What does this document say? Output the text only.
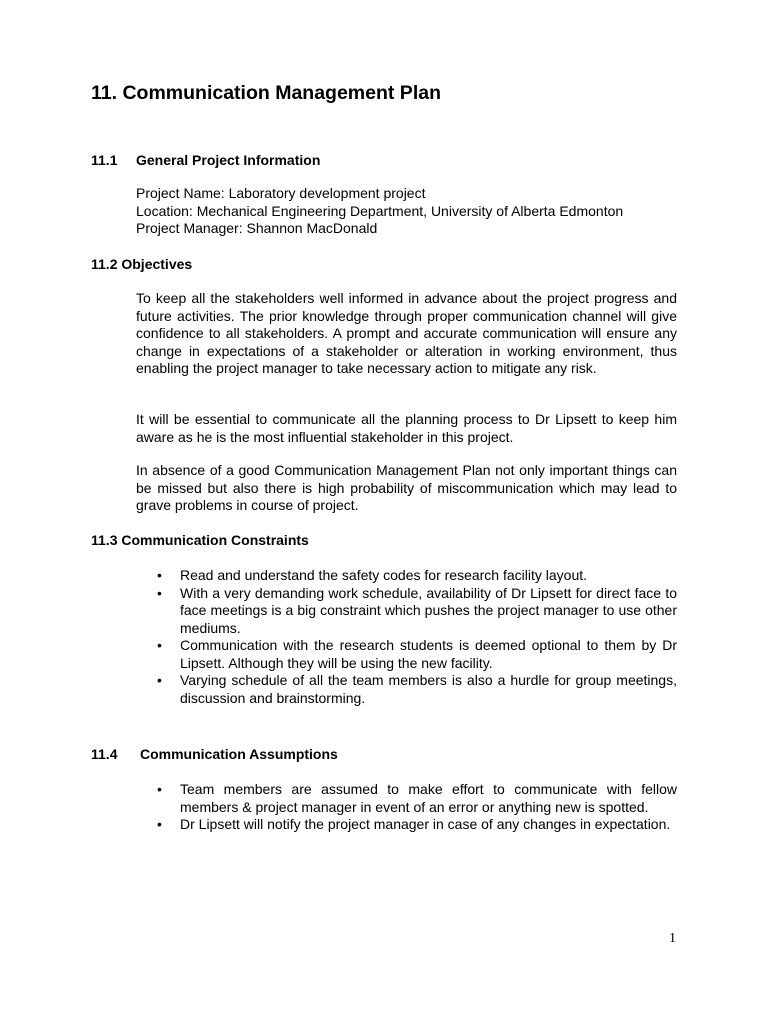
11. Communication Management Plan
11.1 General Project Information
Project Name: Laboratory development project
Location: Mechanical Engineering Department, University of Alberta Edmonton
Project Manager: Shannon MacDonald
11.2 Objectives
To keep all the stakeholders well informed in advance about the project progress and future activities. The prior knowledge through proper communication channel will give confidence to all stakeholders. A prompt and accurate communication will ensure any change in expectations of a stakeholder or alteration in working environment, thus enabling the project manager to take necessary action to mitigate any risk.
It will be essential to communicate all the planning process to Dr Lipsett to keep him aware as he is the most influential stakeholder in this project.
In absence of a good Communication Management Plan not only important things can be missed but also there is high probability of miscommunication which may lead to grave problems in course of project.
11.3 Communication Constraints
• Read and understand the safety codes for research facility layout.
• With a very demanding work schedule, availability of Dr Lipsett for direct face to face meetings is a big constraint which pushes the project manager to use other mediums.
• Communication with the research students is deemed optional to them by Dr Lipsett. Although they will be using the new facility.
• Varying schedule of all the team members is also a hurdle for group meetings, discussion and brainstorming.
11.4 Communication Assumptions
• Team members are assumed to make effort to communicate with fellow members & project manager in event of an error or anything new is spotted.
• Dr Lipsett will notify the project manager in case of any changes in expectation.
1
